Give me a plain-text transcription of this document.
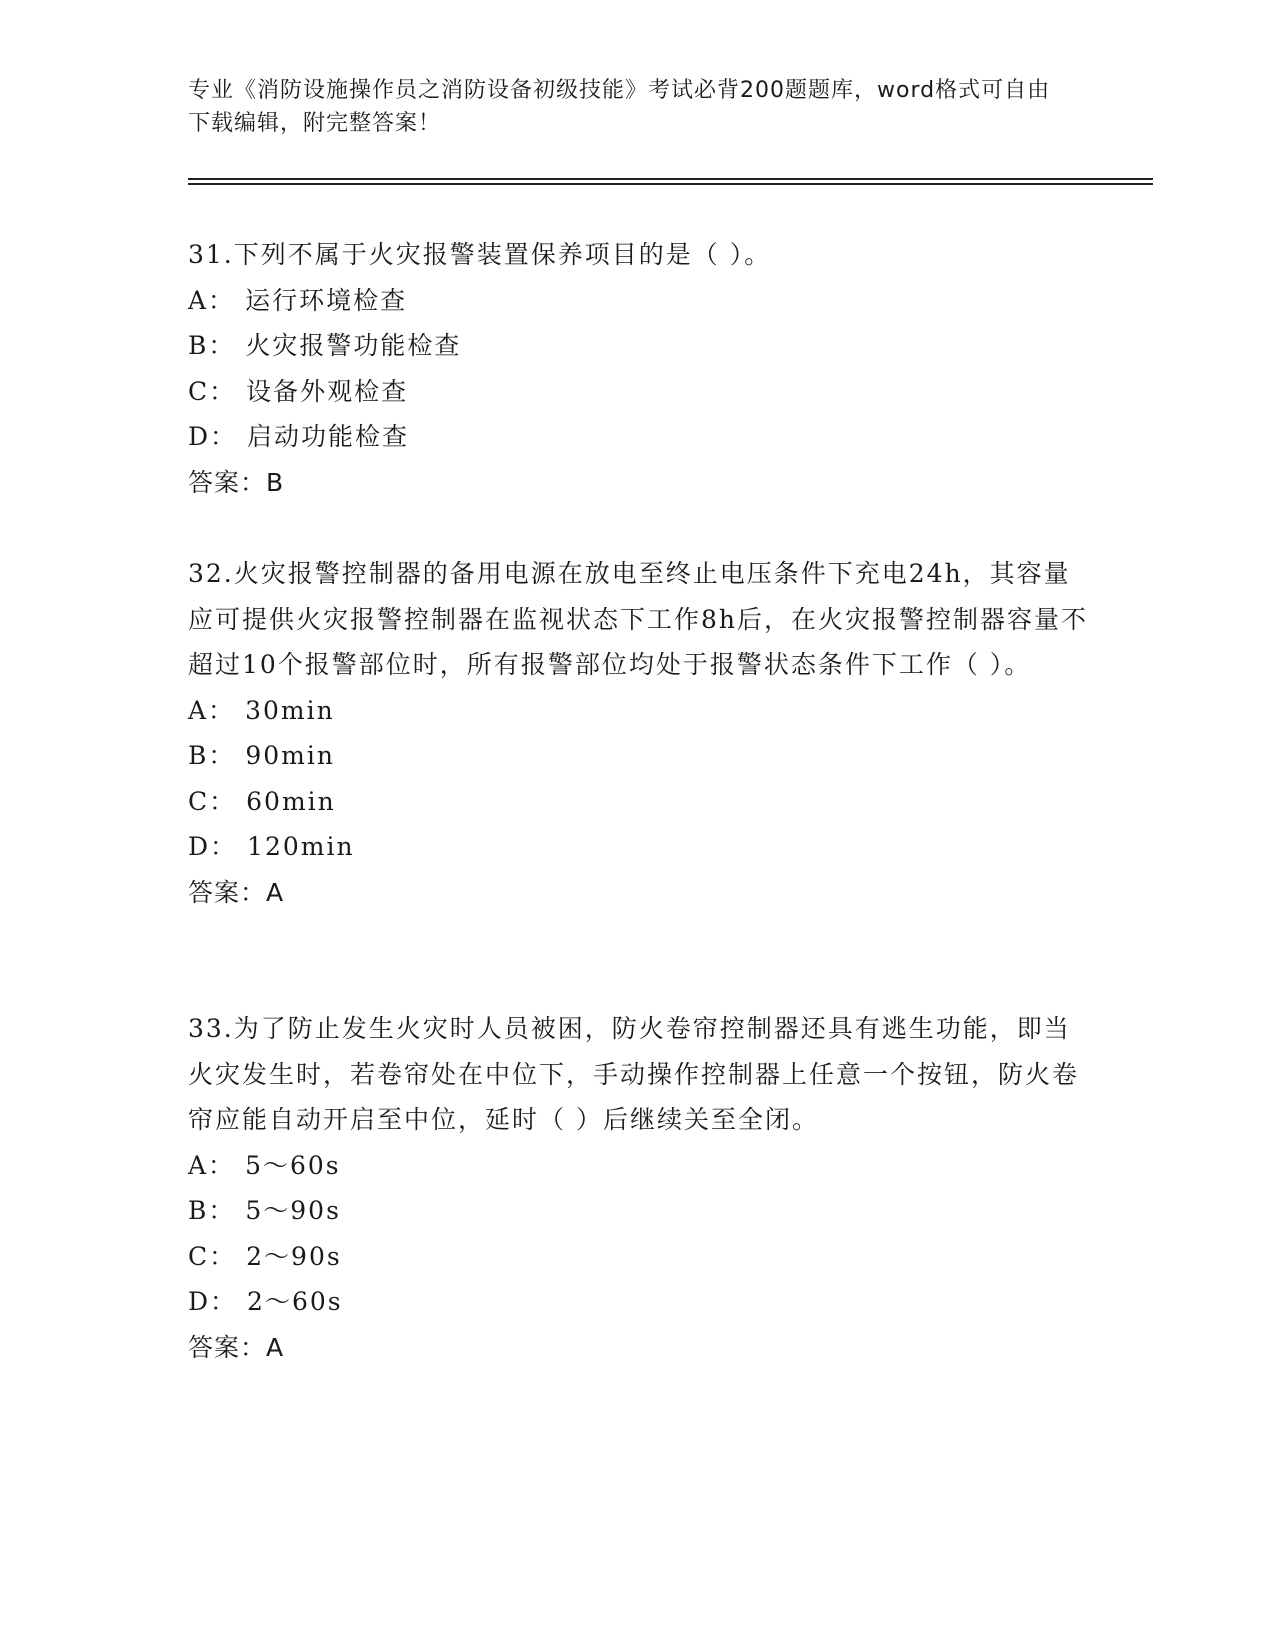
专业《消防设施操作员之消防设备初级技能》考试必背200题题库，word格式可自由下载编辑，附完整答案！

31.下列不属于火灾报警装置保养项目的是（ ）。

A： 运行环境检查

B： 火灾报警功能检查

C： 设备外观检查

D： 启动功能检查

答案：B

32.火灾报警控制器的备用电源在放电至终止电压条件下充电24h，其容量应可提供火灾报警控制器在监视状态下工作8h后，在火灾报警控制器容量不超过10个报警部位时，所有报警部位均处于报警状态条件下工作（ ）。

A： 30min

B： 90min

C： 60min

D： 120min

答案：A

33.为了防止发生火灾时人员被困，防火卷帘控制器还具有逃生功能，即当火灾发生时，若卷帘处在中位下，手动操作控制器上任意一个按钮，防火卷帘应能自动开启至中位，延时（ ）后继续关至全闭。

A： 5～60s

B： 5～90s

C： 2～90s

D： 2～60s

答案：A
